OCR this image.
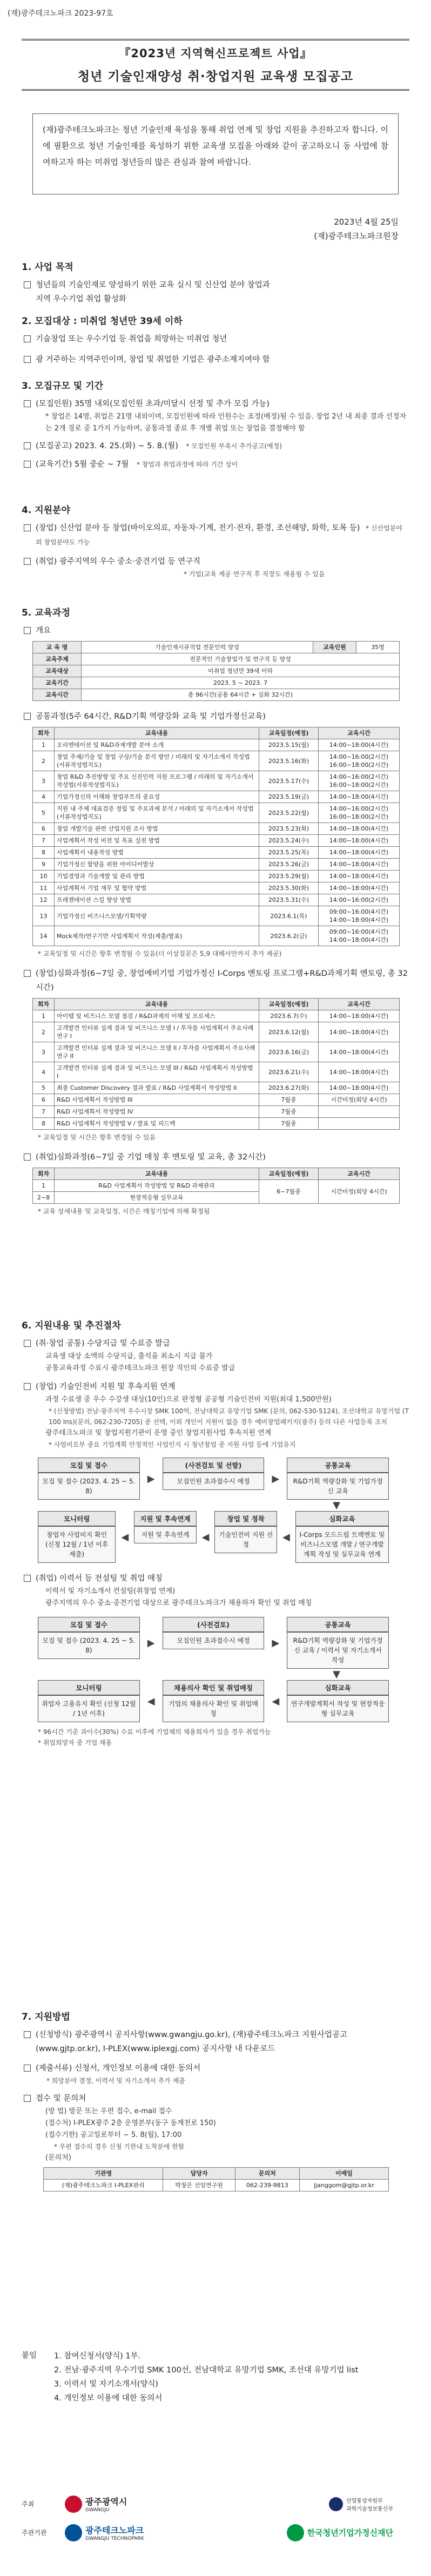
(재)광주테크노파크 2023-97호
『2023년 지역혁신프로젝트 사업』
청년 기술인재양성 취·창업지원 교육생 모집공고
(재)광주테크노파크는 청년 기술인재 육성을 통해 취업 연계 및 창업 지원을 추진하고자 합니다. 이에 필환으로 청년 기술인재를 육성하기 위한 교육생 모집을 아래와 같이 공고하오니 동 사업에 참여하고자 하는 미취업 청년들의 많은 관심과 참여 바랍니다.
2023년 4월 25일
(재)광주테크노파크원장
1. 사업 목적
청년들의 기술인재로 양성하기 위한 교육 실시 및 신산업 분야 창업과
지역 우수기업 취업 활성화
2. 모집대상 : 미취업 청년만 39세 이하
기술창업 또는 우수기업 등 취업을 희망하는 미취업 청년
광 거주하는 지역주민이며, 창업 및 취업한 기업은 광주소재지여야 함
3. 모집규모 및 기간
(모집인원) 35명 내외(모집인원 초과/미달시 선정 및 추가 모집 가능)
* 창업은 14명, 취업은 21명 내외이며, 모집인원에 따라 인원수는 조정(배정)될 수 있음. 창업 2년 내 최종 결과 선정자는 2개 경로 중 1가지 가능하며, 공통과정 종료 후 개별 취업 또는 창업을 결정해야 함
(모집공고) 2023. 4. 25.(화) ~ 5. 8.(월) * 모집인원 부족시 추가공고(예정)
(교육기간) 5월 중순 ~ 7월 * 창업과 취업과정에 따라 기간 상이
4. 지원분야
(창업) 신산업 분야 등 창업(바이오의료, 자동차·기계, 전기·전자, 환경, 조선해양, 화학, 토목 등) * 신산업분야 외 창업분야도 가능
(취업) 광주지역의 우수 중소·중견기업 등 연구직
* 기업(교육 제공 연구직 후 직장도 재용될 수 있음
5. 교육과정
개요
교 육 명	기술인재시큐직업 전문인력 양성	교육인원	35명
교육주제	전문적인 기술창업가 및 연구직 등 양성		
교육대상	미취업 청년만 39세 이하		
교육기간	2023. 5 ~ 2023. 7		
교육시간	총 96시간(공통 64시간 + 심화 32시간)		
공통과정(5주 64시간, R&D기획 역량강화 교육 및 기업가정신교육)
회차	교육내용	교육일정(예정)	교육시간
1	오리엔테이션 및 R&D과제개발 분야 소개	2023.5.15(월)	14:00~18:00(4시간)
2	창업 주제/기술 및 창업 구상/기술 분석 방안 / 미래의 및 자기소개서 작성법(서류작성법지도)	2023.5.16(화)	14:00~16:00(2시간) 16:00~18:00(2시간)
3	창업 R&D 추진방향 및 주요 신진인력 지원 프로그램 / 미래의 및 자기소개서 작성법(서류작성법지도)	2023.5.17(수)	14:00~16:00(2시간) 16:00~18:00(2시간)
4	기업가정신의 이해와 창업부트의 중요성	2023.5.19(금)	14:00~18:00(4시간)
5	지원 내 주체 대표검증 정립 및 주요과제 분석 / 미래의 및 자기소개서 작성법(서류작성법지도)	2023.5.22(월)	14:00~16:00(2시간) 16:00~18:00(2시간)
6	창업 개발기술 관련 산업지원 조사 방법	2023.5.23(화)	14:00~18:00(4시간)
7	사업계획서 작성 비전 및 목표 실천 방법	2023.5.24(수)	14:00~18:00(4시간)
8	사업계획서 내용작성 방법	2023.5.25(목)	14:00~18:00(4시간)
9	기업가정신 함양을 위한 아이디어발상	2023.5.26(금)	14:00~18:00(4시간)
10	기업경영과 기술개발 및 관리 방법	2023.5.29(월)	14:00~18:00(4시간)
11	사업계획서 기업 재무 및 협약 방법	2023.5.30(화)	14:00~18:00(4시간)
12	프레젠테이션 스킬 향상 방법	2023.5.31(수)	14:00~16:00(2시간)
13	기업가정신 비즈니스모델/기획역량	2023.6.1(목)	09:00~16:00(4시간) 14:00~18:00(4시간)
14	Mock제작/연구기반 사업계획서 작성(제출/발표)	2023.6.2(금)	09:00~16:00(4시간) 14:00~18:00(4시간)
* 교육일정 및 시간은 향후 변경될 수 있음(더 이상질문은 5,9 대해서만까지 추가 제공)
(창업)심화과정(6~7일 중, 창업예비기업 기업가정신 I-Corps 멘토링 프로그램+R&D과제기획 멘토링, 총 32시간)
회차	교육내용	교육일정(예정)	교육시간
1	아이템 및 비즈니스 모델 점검 / R&D과제의 이해 및 프로세스	2023.6.7(수)	14:00~18:00(4시간)
2	고객발견 인터뷰 설계 결과 및 비즈니스 모델 I / 투자를 사업계획서 주요사례 연구 I	2023.6.12(월)	14:00~18:00(4시간)
3	고객발견 인터뷰 설계 결과 및 비즈니스 모델 II / 투자를 사업계획서 주요사례 연구 II	2023.6.16(금)	14:00~18:00(4시간)
4	고객발견 인터뷰 설계 결과 및 비즈니스 모델 III / R&D 사업계획서 작성방법 I	2023.6.21(수)	14:00~18:00(4시간)
5	최종 Customer Discovery 결과 발표 / R&D 사업계획서 작성방법 II	2023.6.27(화)	14:00~18:00(4시간)
6	R&D 사업계획서 작성방법 III	7월중	시간미정(회당 4시간)
7	R&D 사업계획서 작성방법 IV	7월중	
8	R&D 사업계획서 작성방법 V / 발표 및 피드백	7월중	
* 교육일정 및 시간은 향후 변경될 수 있음
(취업)심화과정(6~7일 중 기업 매칭 후 멘토링 및 교육, 총 32시간)
회차	교육내용	교육일정(예정)	교육시간
1	R&D 사업계획서 작성방법 및 R&D 과제관리	6~7월중	시간미정(회당 4시간)
2~8	현장적응형 실무교육		
* 교육 상세내용 및 교육일정, 시간은 매칭기업에 의해 확정됨
6. 지원내용 및 추진절차
(취·창업 공통) 수당지급 및 수료증 발급
교육생 대상 소액의 수당지급, 출석을 최소시 지급 불가
공통교육과정 수료시 광주테크노파크 원장 직인의 수료증 발급
(창업) 기술인전비 지원 및 후속지원 연계
과정 수료생 중 우수 수강생 대상(10인)으로 판정형 공공형 기술인전비 지원(최대 1,500만원)
* (신청방법) 전남·광주지역 우수시장 SMK 100억, 전남대학교 유망기업 SMK (문의, 062-530-5124), 조선대학교 유망기업 (T 100 Ins)(문의, 062-230-7205) 중 선택, 이외 개인이 지원이 없을 경우 예비창업패키지(광주) 등의 다른 사업등록 조치
광주테크노파크 및 창업지원기관이 운영 중인 창업지원사업 후속지원 연계
* 사업비로부 중요 기업계획 안정적인 사업인지 시 청년창업 중 지원 사업 등에 기업유지
모집 및 접수
모집 및 접수 (2023. 4. 25 ~ 5. 8)
▶
(사전검토 및 선발)
모집인원 초과접수시 예정	▶
공통교육
R&D기획 역량강화 및 기업가정신 교육
▼
모니터링
창업자 사업비지 확인 (신청 12월 / 1년 이후 제출)
◀
지원 및 후속연계
지원 및 후속연계	◀
창업 및 정착
기술인전비 지원 선정
◀
심화교육
I-Corps 모드드립 트랙멘토 및 비즈니스모델 개발 / 연구개발계획 작성 및 실무교육 연계
(취업) 이력서 등 전설팅 및 취업 매칭
이력서 및 자기소개서 컨설팅(취창업 연계)
광주지역의 우수 중소·중견기업 대상으로 광주테크노파크가 채용하자 확인 및 취업 매칭
모집 및 접수
모집 및 접수 (2023. 4. 25 ~ 5. 8)
▶
(사전검토)
모집인원 초과접수시 예정	▶
공통교육
R&D기획 역량강화 및 기업가정신 교육 / 이력서 및 자기소개서 작성
▼
모니터링
취업자 고용유지 확인 (신청 12월 / 1년 이후)
◀
채용의사 확인 및 취업매칭
기업의 채용의사 확인 및 취업매칭
◀
심화교육
연구개발계획서 작성 및 현장적응형 실무교육
* 96시간 기준 과이수(30%) 수료 이후에 기업체의 채용희자가 있을 경우 취업가능
* 취업희망자 중 기업 채용
7. 지원방법
(신청방식) 광주광역시 공지사항(www.gwangju.go.kr), (재)광주테크노파크 지원사업공고(www.gjtp.or.kr), I-PLEX(www.iplexgj.com) 공지사항 내 다운로드
(제출서류) 신청서, 개인정보 이용에 대한 동의서
* 희망분야 결정, 이력서 및 자기소개서 추가 제출
접수 및 문의처
(방 법) 방문 또는 우편 접수, e-mail 접수
(접수처) I-PLEX광주 2층 운영본부(동구 동계천로 150)
(접수기한) 공고일로부터 ~ 5. 8(월), 17:00
* 우편 접수의 경우 신청 기한내 도착분에 한함
(문의처)
기관명	담당자	문의처	이메일
(재)광주테크노파크 I-PLEX관리	박창은 선임연구원	062-239-9813	jjanggom@gjtp.or.kr
붙임	1. 참여신청서(양식) 1부.
2. 전남·광주지역 우수기업 SMK 100선, 전남대학교 유망기업 SMK, 조선대 유망기업 list
3. 이력서 및 자기소개서(양식)
4. 개인정보 이용에 대한 동의서
주최	광주광역시
GWANGJU
산업통상자원부
과학기술정보통신부
주관기관	광주테크노파크
GWANGJU TECHNOPARK
한국청년기업가정신재단
